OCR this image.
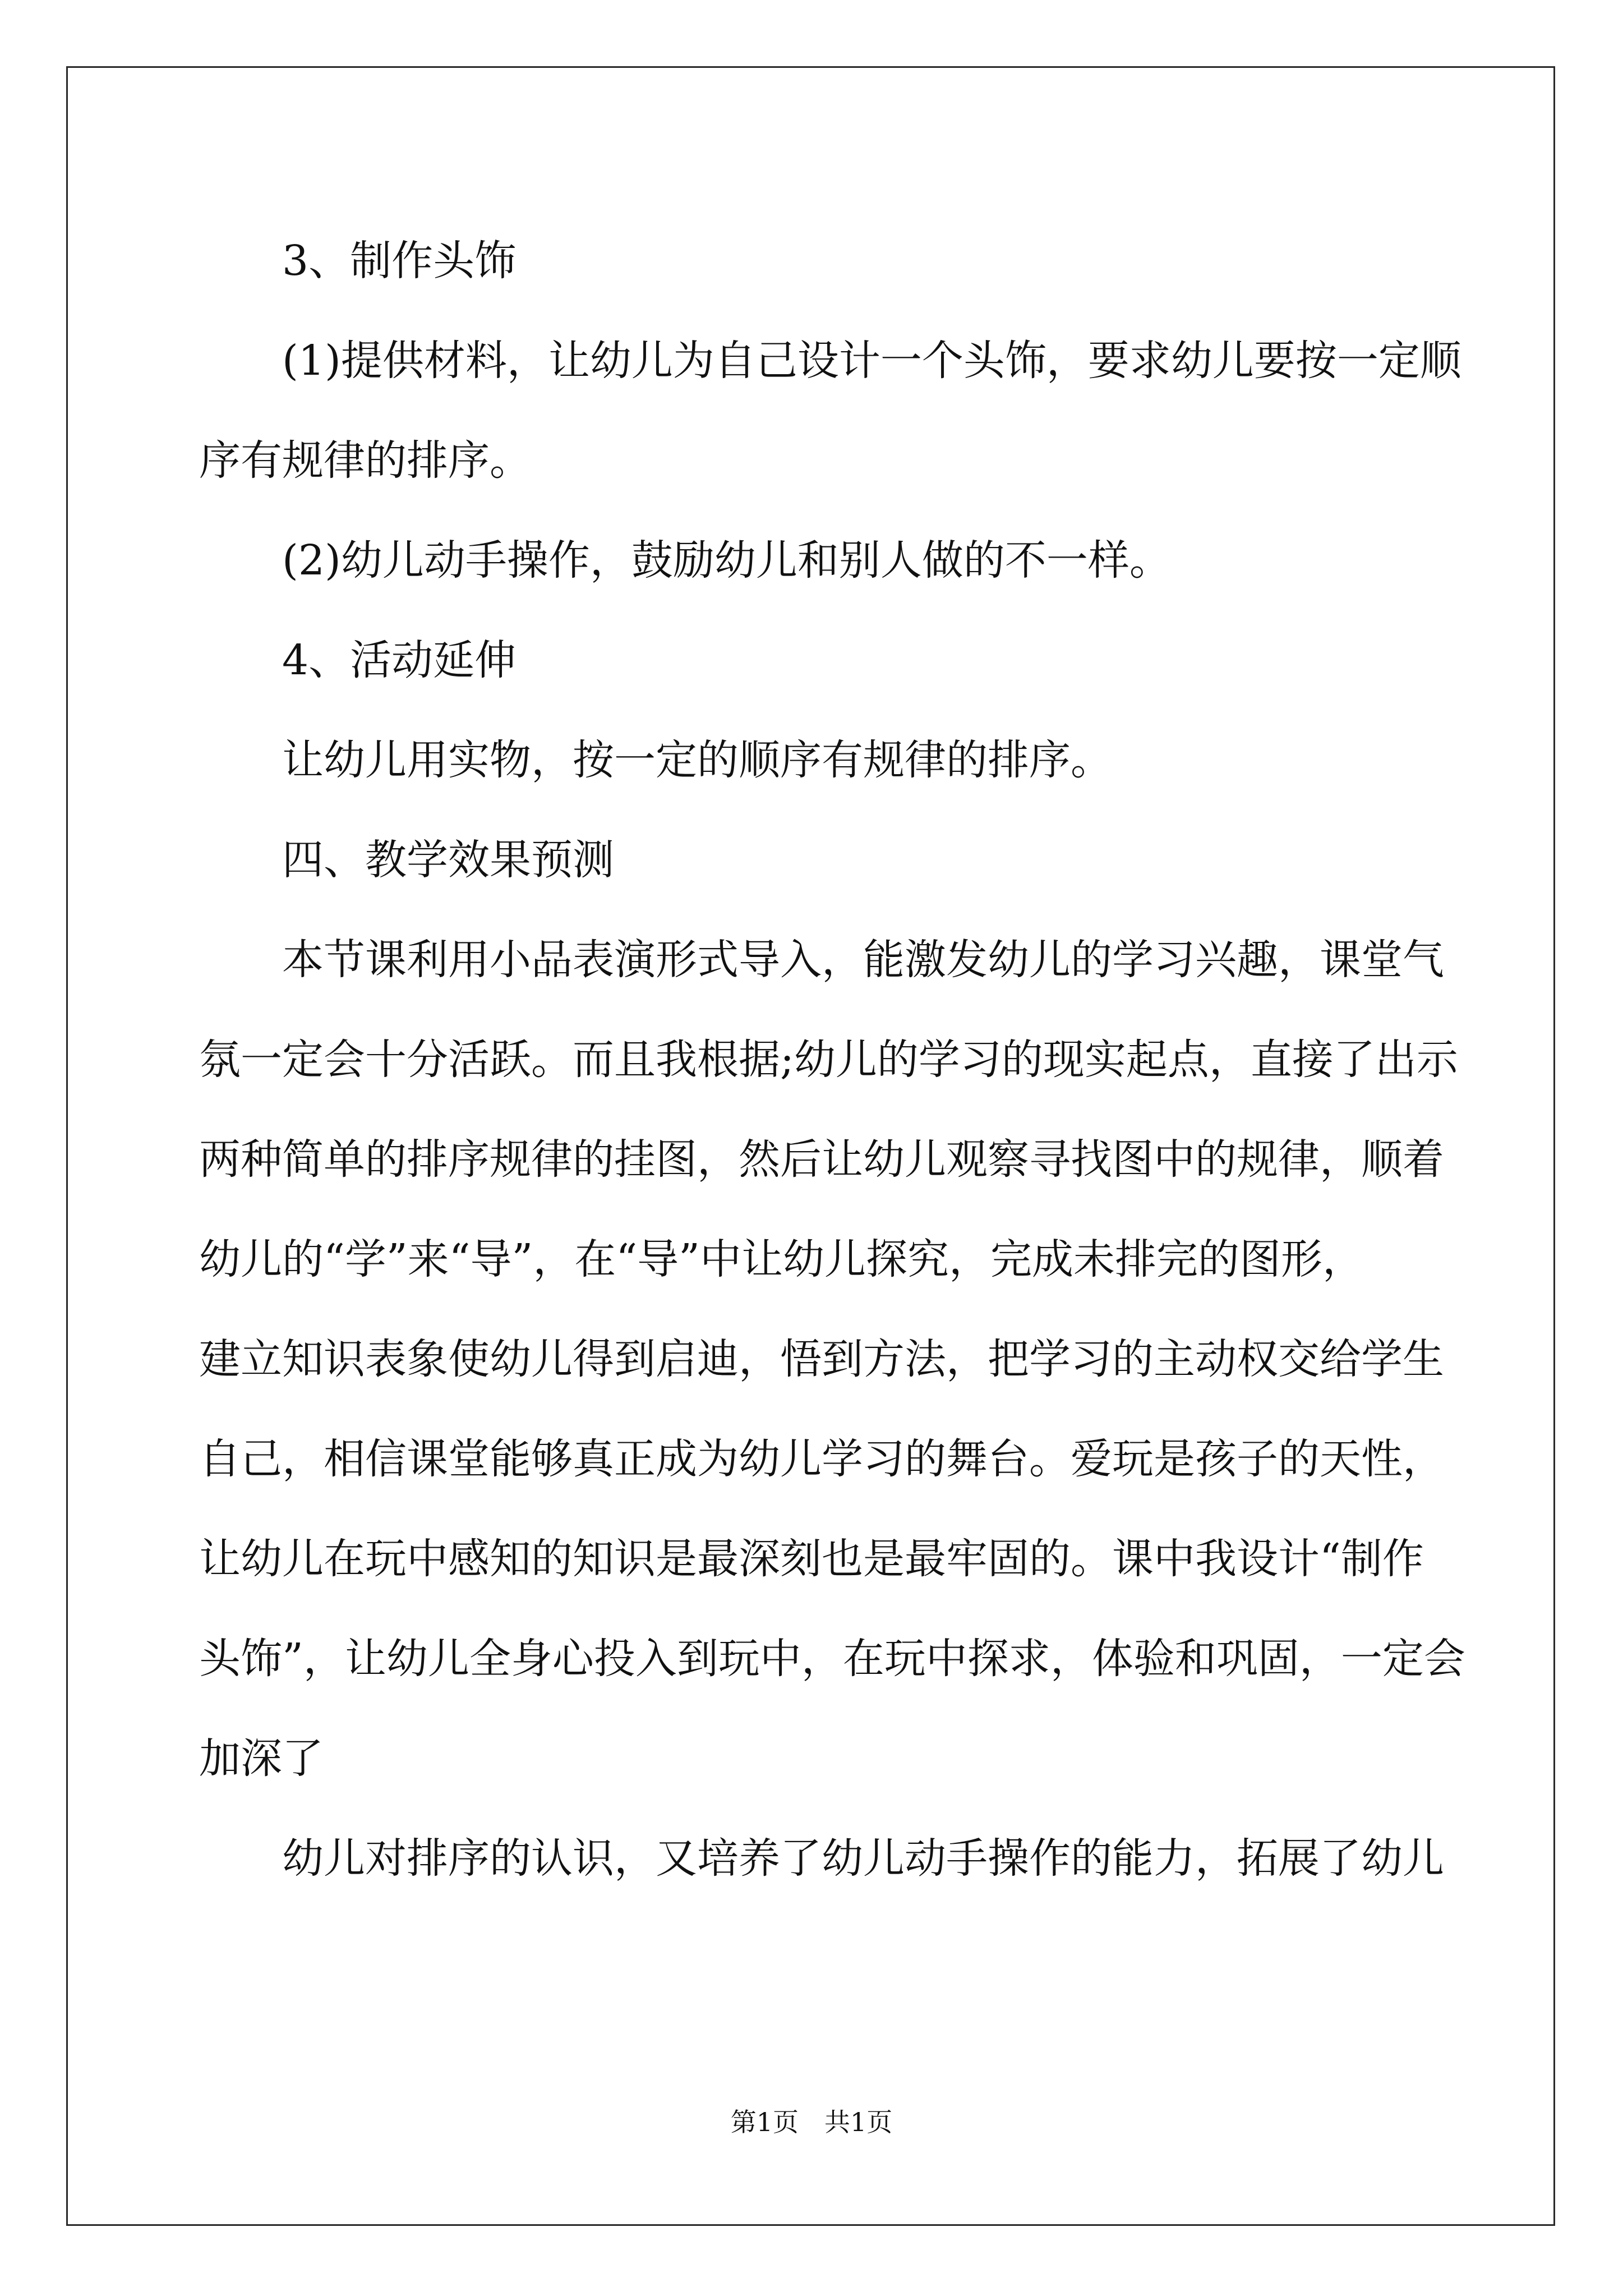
3、制作头饰

(1)提供材料，让幼儿为自己设计一个头饰，要求幼儿要按一定顺

序有规律的排序。

(2)幼儿动手操作，鼓励幼儿和别人做的不一样。

4、活动延伸

让幼儿用实物，按一定的顺序有规律的排序。

四、教学效果预测

本节课利用小品表演形式导入，能激发幼儿的学习兴趣，课堂气

氛一定会十分活跃。而且我根据;幼儿的学习的现实起点，直接了出示

两种简单的排序规律的挂图，然后让幼儿观察寻找图中的规律，顺着

幼儿的“学”来“导”，在“导”中让幼儿探究，完成未排完的图形，

建立知识表象使幼儿得到启迪，悟到方法，把学习的主动权交给学生

自己，相信课堂能够真正成为幼儿学习的舞台。爱玩是孩子的天性，

让幼儿在玩中感知的知识是最深刻也是最牢固的。课中我设计“制作

头饰”，让幼儿全身心投入到玩中，在玩中探求，体验和巩固，一定会

加深了

幼儿对排序的认识，又培养了幼儿动手操作的能力，拓展了幼儿

第1页　共1页
